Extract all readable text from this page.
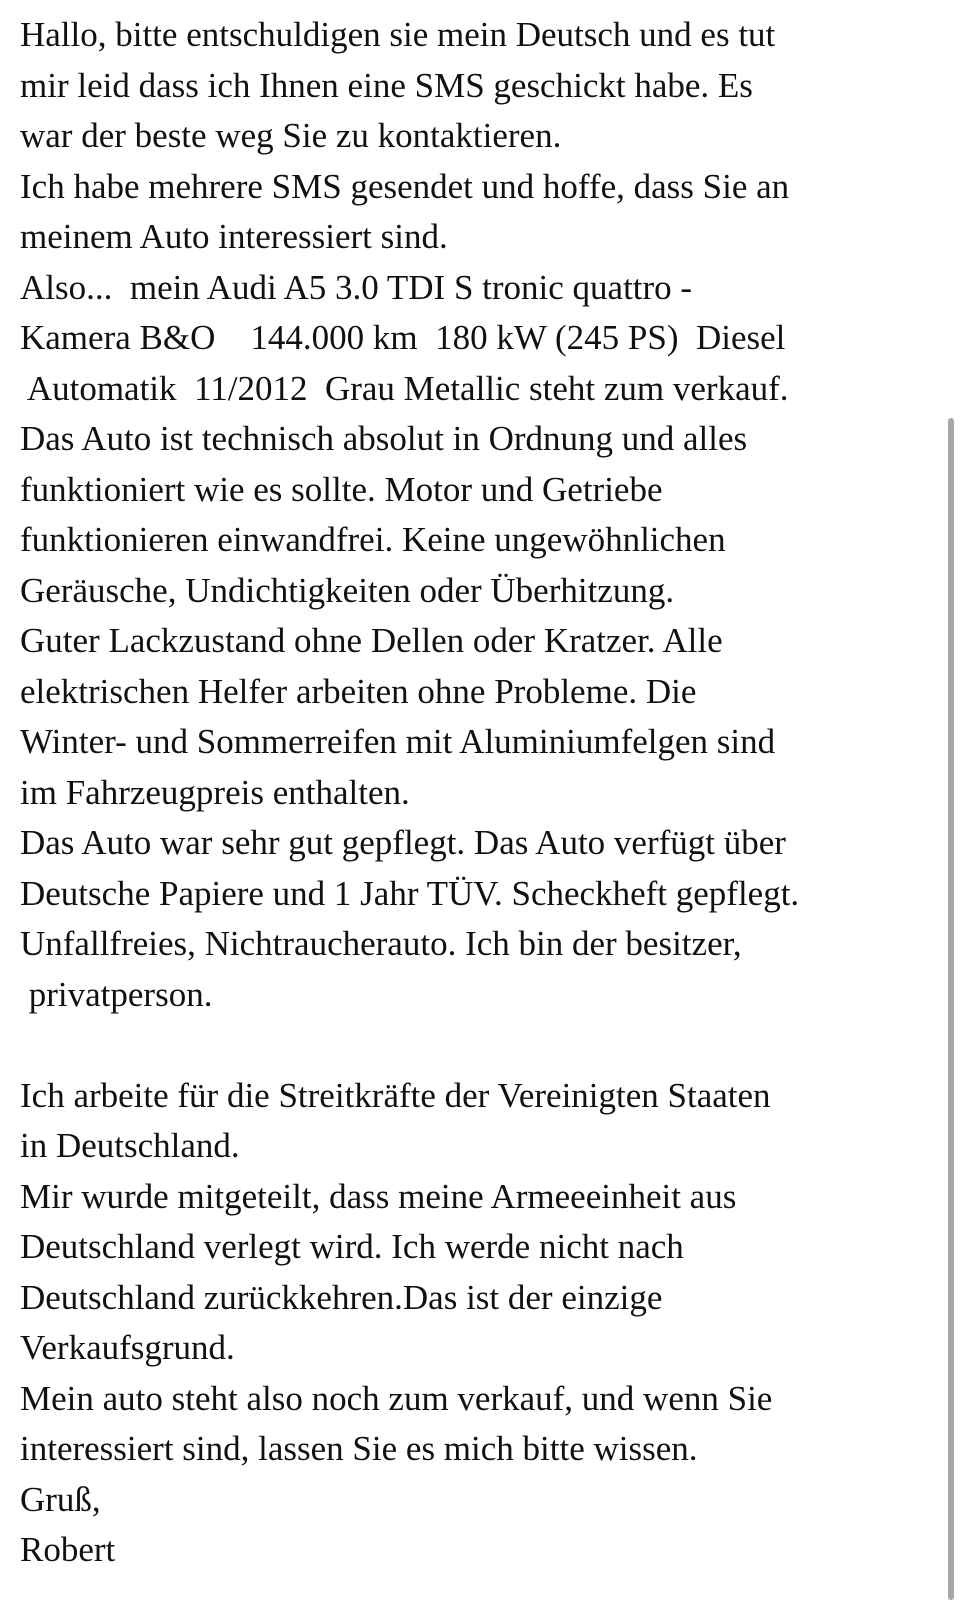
Hallo, bitte entschuldigen sie mein Deutsch und es tut
mir leid dass ich Ihnen eine SMS geschickt habe. Es
war der beste weg Sie zu kontaktieren.
Ich habe mehrere SMS gesendet und hoffe, dass Sie an
meinem Auto interessiert sind.
Also...  mein Audi A5 3.0 TDI S tronic quattro -
Kamera B&O    144.000 km  180 kW (245 PS)  Diesel
Automatik  11/2012  Grau Metallic steht zum verkauf.
Das Auto ist technisch absolut in Ordnung und alles
funktioniert wie es sollte. Motor und Getriebe
funktionieren einwandfrei. Keine ungewöhnlichen
Geräusche, Undichtigkeiten oder Überhitzung.
Guter Lackzustand ohne Dellen oder Kratzer. Alle
elektrischen Helfer arbeiten ohne Probleme. Die
Winter- und Sommerreifen mit Aluminiumfelgen sind
im Fahrzeugpreis enthalten.
Das Auto war sehr gut gepflegt. Das Auto verfügt über
Deutsche Papiere und 1 Jahr TÜV. Scheckheft gepflegt.
Unfallfreies, Nichtraucherauto. Ich bin der besitzer,
privatperson.
Ich arbeite für die Streitkräfte der Vereinigten Staaten
in Deutschland.
Mir wurde mitgeteilt, dass meine Armeeeinheit aus
Deutschland verlegt wird. Ich werde nicht nach
Deutschland zurückkehren.Das ist der einzige
Verkaufsgrund.
Mein auto steht also noch zum verkauf, und wenn Sie
interessiert sind, lassen Sie es mich bitte wissen.
Gruß,
Robert
